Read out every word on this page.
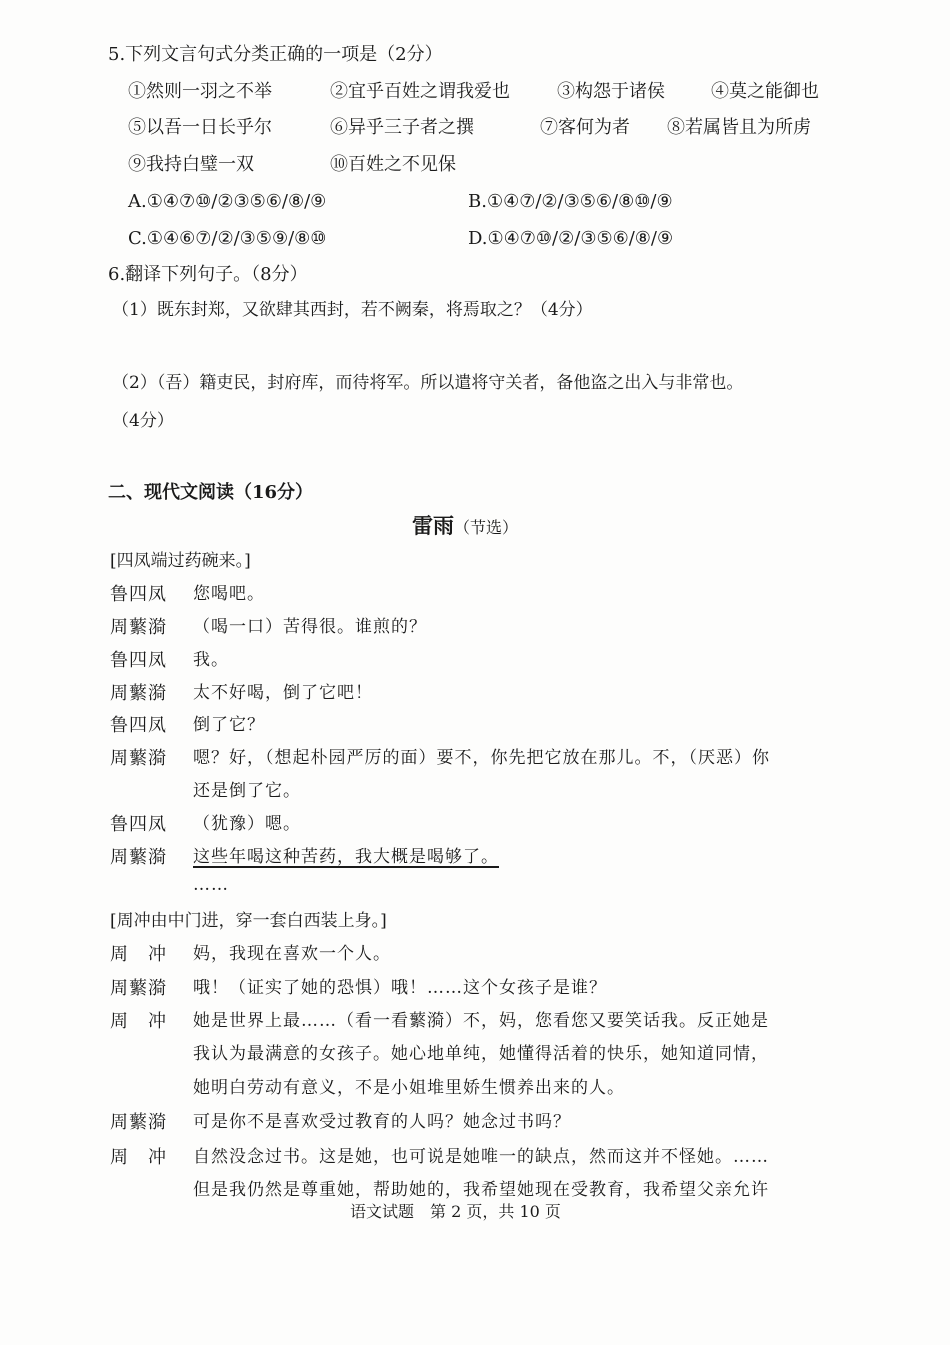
5.下列文言句式分类正确的一项是（2分）
①然则一羽之不举	②宜乎百姓之谓我爱也	③构怨于诸侯	④莫之能御也
⑤以吾一日长乎尔	⑥异乎三子者之撰	⑦客何为者 ⑧若属皆且为所虏
⑨我持白璧一双	⑩百姓之不见保
A.①④⑦⑩/②③⑤⑥/⑧/⑨	B.①④⑦/②/③⑤⑥/⑧⑩/⑨
C.①④⑥⑦/②/③⑤⑨/⑧⑩	D.①④⑦⑩/②/③⑤⑥/⑧/⑨
6.翻译下列句子。（8分）
（1）既东封郑，又欲肆其西封，若不阙秦，将焉取之？（4分）
（2）（吾）籍吏民，封府库，而待将军。所以遣将守关者，备他盗之出入与非常也。
（4分）
二、现代文阅读（16分）
雷雨（节选）
[四凤端过药碗来。]
鲁四凤 您喝吧。
周蘩漪 （喝一口）苦得很。谁煎的？
鲁四凤 我。
周蘩漪 太不好喝，倒了它吧！
鲁四凤 倒了它？
周蘩漪 嗯？好，（想起朴园严厉的面）要不，你先把它放在那儿。不，（厌恶）你
还是倒了它。
鲁四凤 （犹豫）嗯。
周蘩漪 这些年喝这种苦药，我大概是喝够了。
……
[周冲由中门进，穿一套白西装上身。]
周　冲 妈，我现在喜欢一个人。
周蘩漪 哦！（证实了她的恐惧）哦！……这个女孩子是谁？
周　冲 她是世界上最……（看一看蘩漪）不，妈，您看您又要笑话我。反正她是
我认为最满意的女孩子。她心地单纯，她懂得活着的快乐，她知道同情，
她明白劳动有意义，不是小姐堆里娇生惯养出来的人。
周蘩漪 可是你不是喜欢受过教育的人吗？她念过书吗？
周　冲 自然没念过书。这是她，也可说是她唯一的缺点，然而这并不怪她。……
但是我仍然是尊重她，帮助她的，我希望她现在受教育，我希望父亲允许
语文试题　第 2 页，共 10 页
